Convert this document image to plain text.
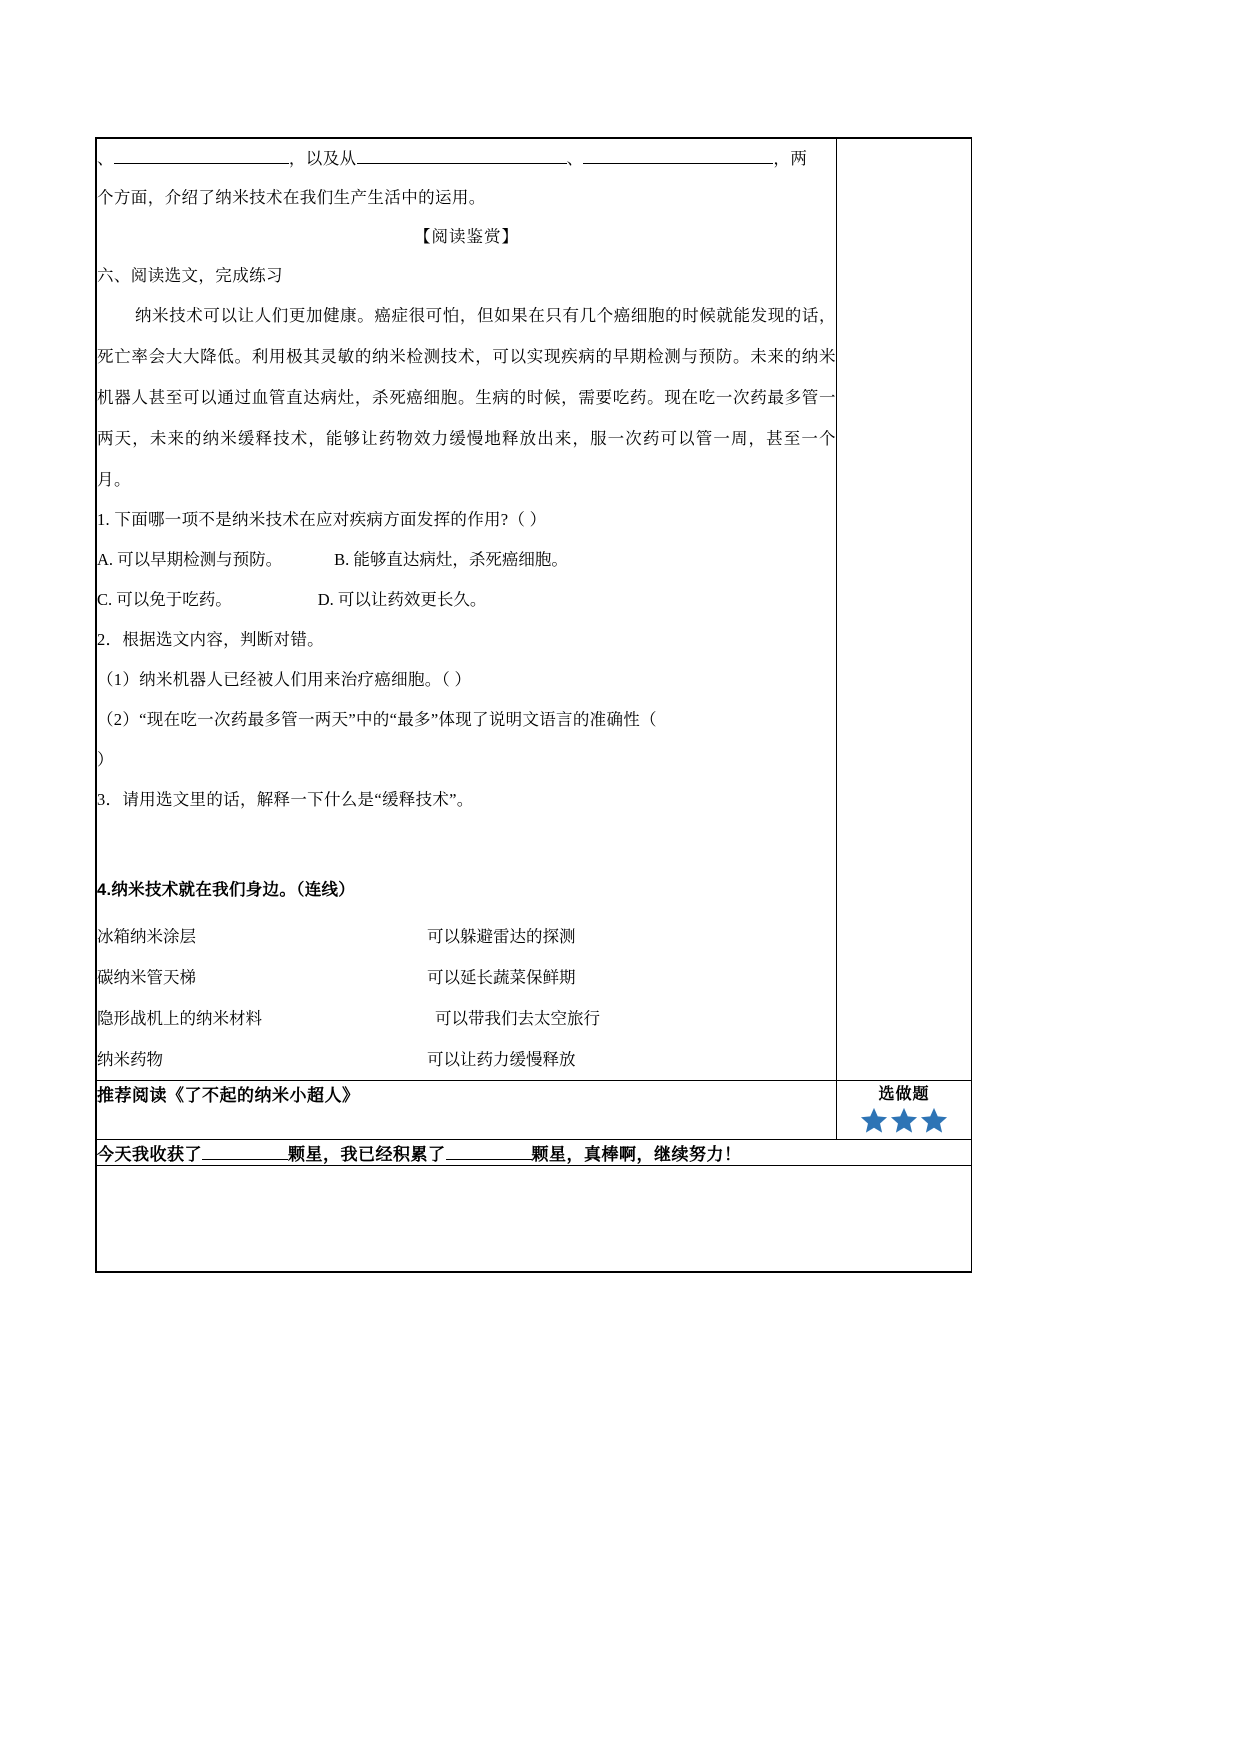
、	，以及从	、	，两
个方面，介绍了纳米技术在我们生产生活中的运用。
【阅读鉴赏】
六、阅读选文，完成练习

纳米技术可以让人们更加健康。癌症很可怕，但如果在只有几个癌细胞的时候就能发现的话，死亡率会大大降低。利用极其灵敏的纳米检测技术，可以实现疾病的早期检测与预防。未来的纳米机器人甚至可以通过血管直达病灶，杀死癌细胞。生病的时候，需要吃药。现在吃一次药最多管一两天，未来的纳米缓释技术，能够让药物效力缓慢地释放出来，服一次药可以管一周，甚至一个月。

1. 下面哪一项不是纳米技术在应对疾病方面发挥的作用?（ ）

A. 可以早期检测与预防。	B. 能够直达病灶，杀死癌细胞。

C. 可以免于吃药。	D. 可以让药效更长久。

2．根据选文内容，判断对错。

（1）纳米机器人已经被人们用来治疗癌细胞。（ ）

（2）“现在吃一次药最多管一两天”中的“最多”体现了说明文语言的准确性（

）

3．请用选文里的话，解释一下什么是“缓释技术”。

4.纳米技术就在我们身边。（连线）

冰箱纳米涂层	可以躲避雷达的探测
碳纳米管天梯	可以延长蔬菜保鲜期
隐形战机上的纳米材料	可以带我们去太空旅行
纳米药物	可以让药力缓慢释放

推荐阅读《了不起的纳米小超人》	选做题

今天我收获了 颗星，我已经积累了 颗星，真棒啊，继续努力！	
